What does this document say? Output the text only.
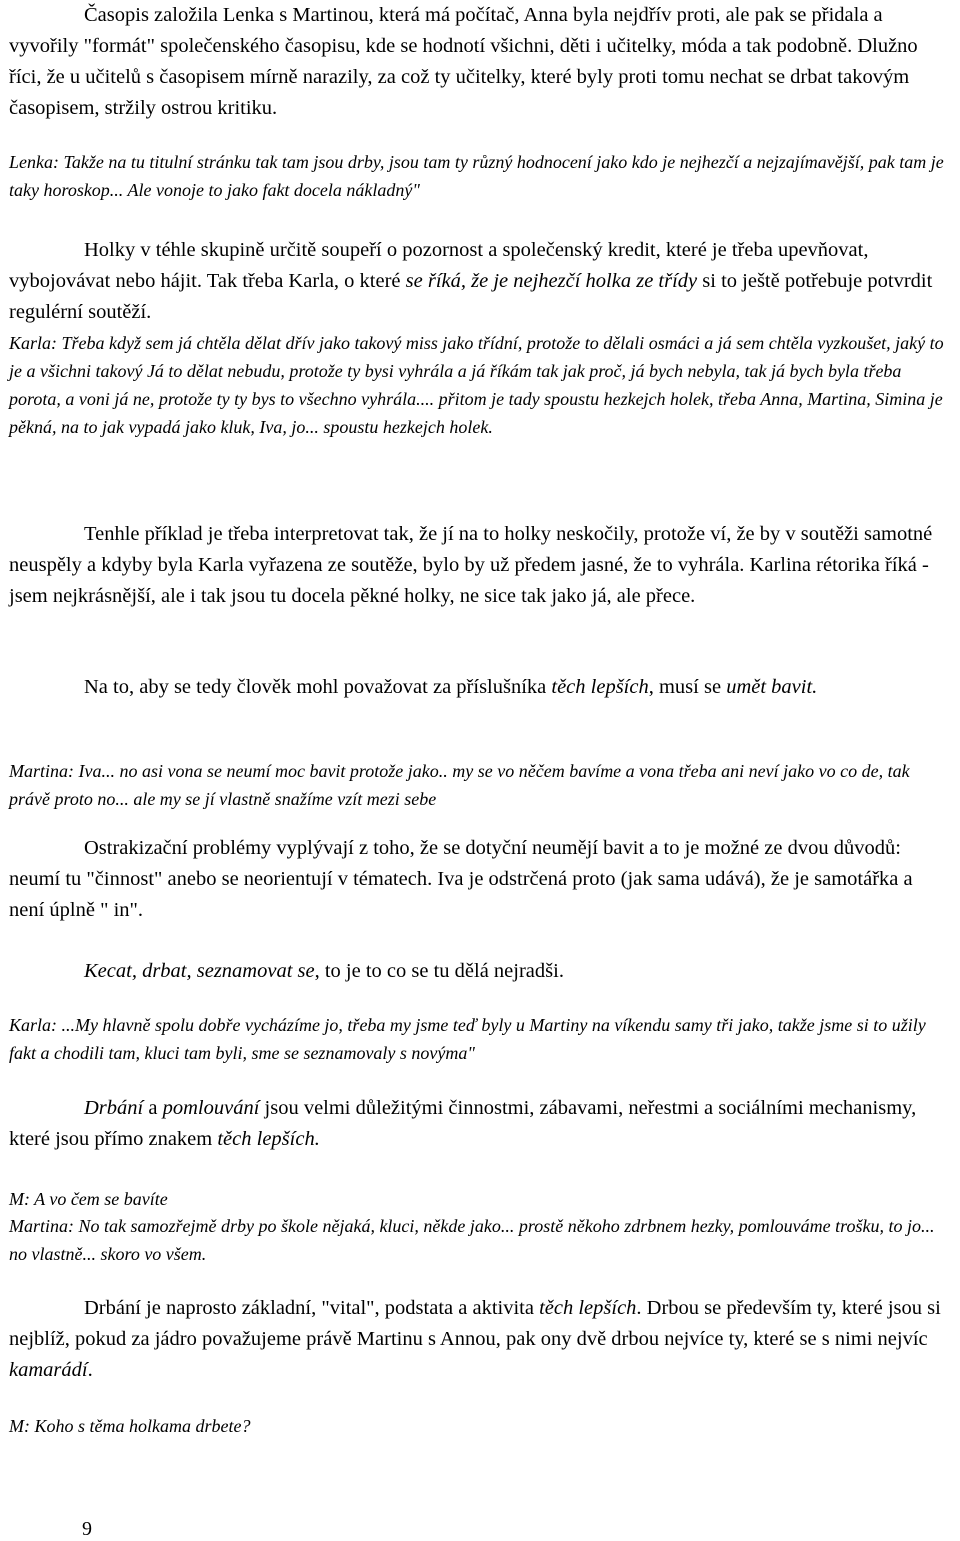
Časopis založila Lenka s Martinou, která má počítač, Anna byla nejdřív proti, ale pak se přidala a vyvořily "formát" společenského časopisu, kde se hodnotí všichni, děti i učitelky, móda a tak podobně. Dlužno říci, že u učitelů s časopisem mírně narazily, za což ty učitelky, které byly proti tomu nechat se drbat takovým časopisem, stržily ostrou kritiku.

Lenka: Takže na tu titulní stránku tak tam jsou drby, jsou tam ty různý hodnocení jako kdo je nejhezčí a nejzajímavější, pak tam je taky horoskop... Ale vonoje to jako fakt docela nákladný"

Holky v téhle skupině určitě soupeří o pozornost a společenský kredit, které je třeba upevňovat, vybojovávat nebo hájit. Tak třeba Karla, o které se říká, že je nejhezčí holka ze třídy si to ještě potřebuje potvrdit regulérní soutěží.

Karla: Třeba když sem já chtěla dělat dřív jako takový miss jako třídní, protože to dělali osmáci a já sem chtěla vyzkoušet, jaký to je a všichni takový Já to dělat nebudu, protože ty bysi vyhrála a já říkám tak jak proč, já bych nebyla, tak já bych byla třeba porota, a voni já ne, protože ty ty bys to všechno vyhrála.... přitom je tady spoustu hezkejch holek, třeba Anna, Martina, Simina je pěkná, na to jak vypadá jako kluk, Iva, jo... spoustu hezkejch holek.

Tenhle příklad je třeba interpretovat tak, že jí na to holky neskočily, protože ví, že by v soutěži samotné neuspěly a kdyby byla Karla vyřazena ze soutěže, bylo by už předem jasné, že to vyhrála. Karlina rétorika říká - jsem nejkrásnější, ale i tak jsou tu docela pěkné holky, ne sice tak jako já, ale přece.

Na to, aby se tedy člověk mohl považovat za příslušníka těch lepších, musí se umět bavit.

Martina: Iva... no asi vona se neumí moc bavit protože jako.. my se vo něčem bavíme a vona třeba ani neví jako vo co de, tak právě proto no... ale my se jí vlastně snažíme vzít mezi sebe

Ostrakizační problémy vyplývají z toho, že se dotyční neumějí bavit a to je možné ze dvou důvodů: neumí tu "činnost" anebo se neorientují v tématech. Iva je odstrčená proto (jak sama udává), že je samotářka a není úplně " in".

Kecat, drbat, seznamovat se, to je to co se tu dělá nejradši.

Karla: ...My hlavně spolu dobře vycházíme jo, třeba my jsme teď byly u Martiny na víkendu samy tři jako, takže jsme si to užily fakt a chodili tam, kluci tam byli, sme se seznamovaly s novýma"

Drbání a pomlouvání jsou velmi důležitými činnostmi, zábavami, neřestmi a sociálními mechanismy, které jsou přímo znakem těch lepších.

M: A vo čem se bavíte

Martina: No tak samozřejmě drby po škole nějaká, kluci, někde jako... prostě někoho zdrbnem hezky, pomlouváme trošku, to jo... no vlastně... skoro vo všem.

Drbání je naprosto základní, "vital", podstata a aktivita těch lepších. Drbou se především ty, které jsou si nejblíž, pokud za jádro považujeme právě Martinu s Annou, pak ony dvě drbou nejvíce ty, které se s nimi nejvíc kamarádí.

M: Koho s těma holkama drbete?

9
